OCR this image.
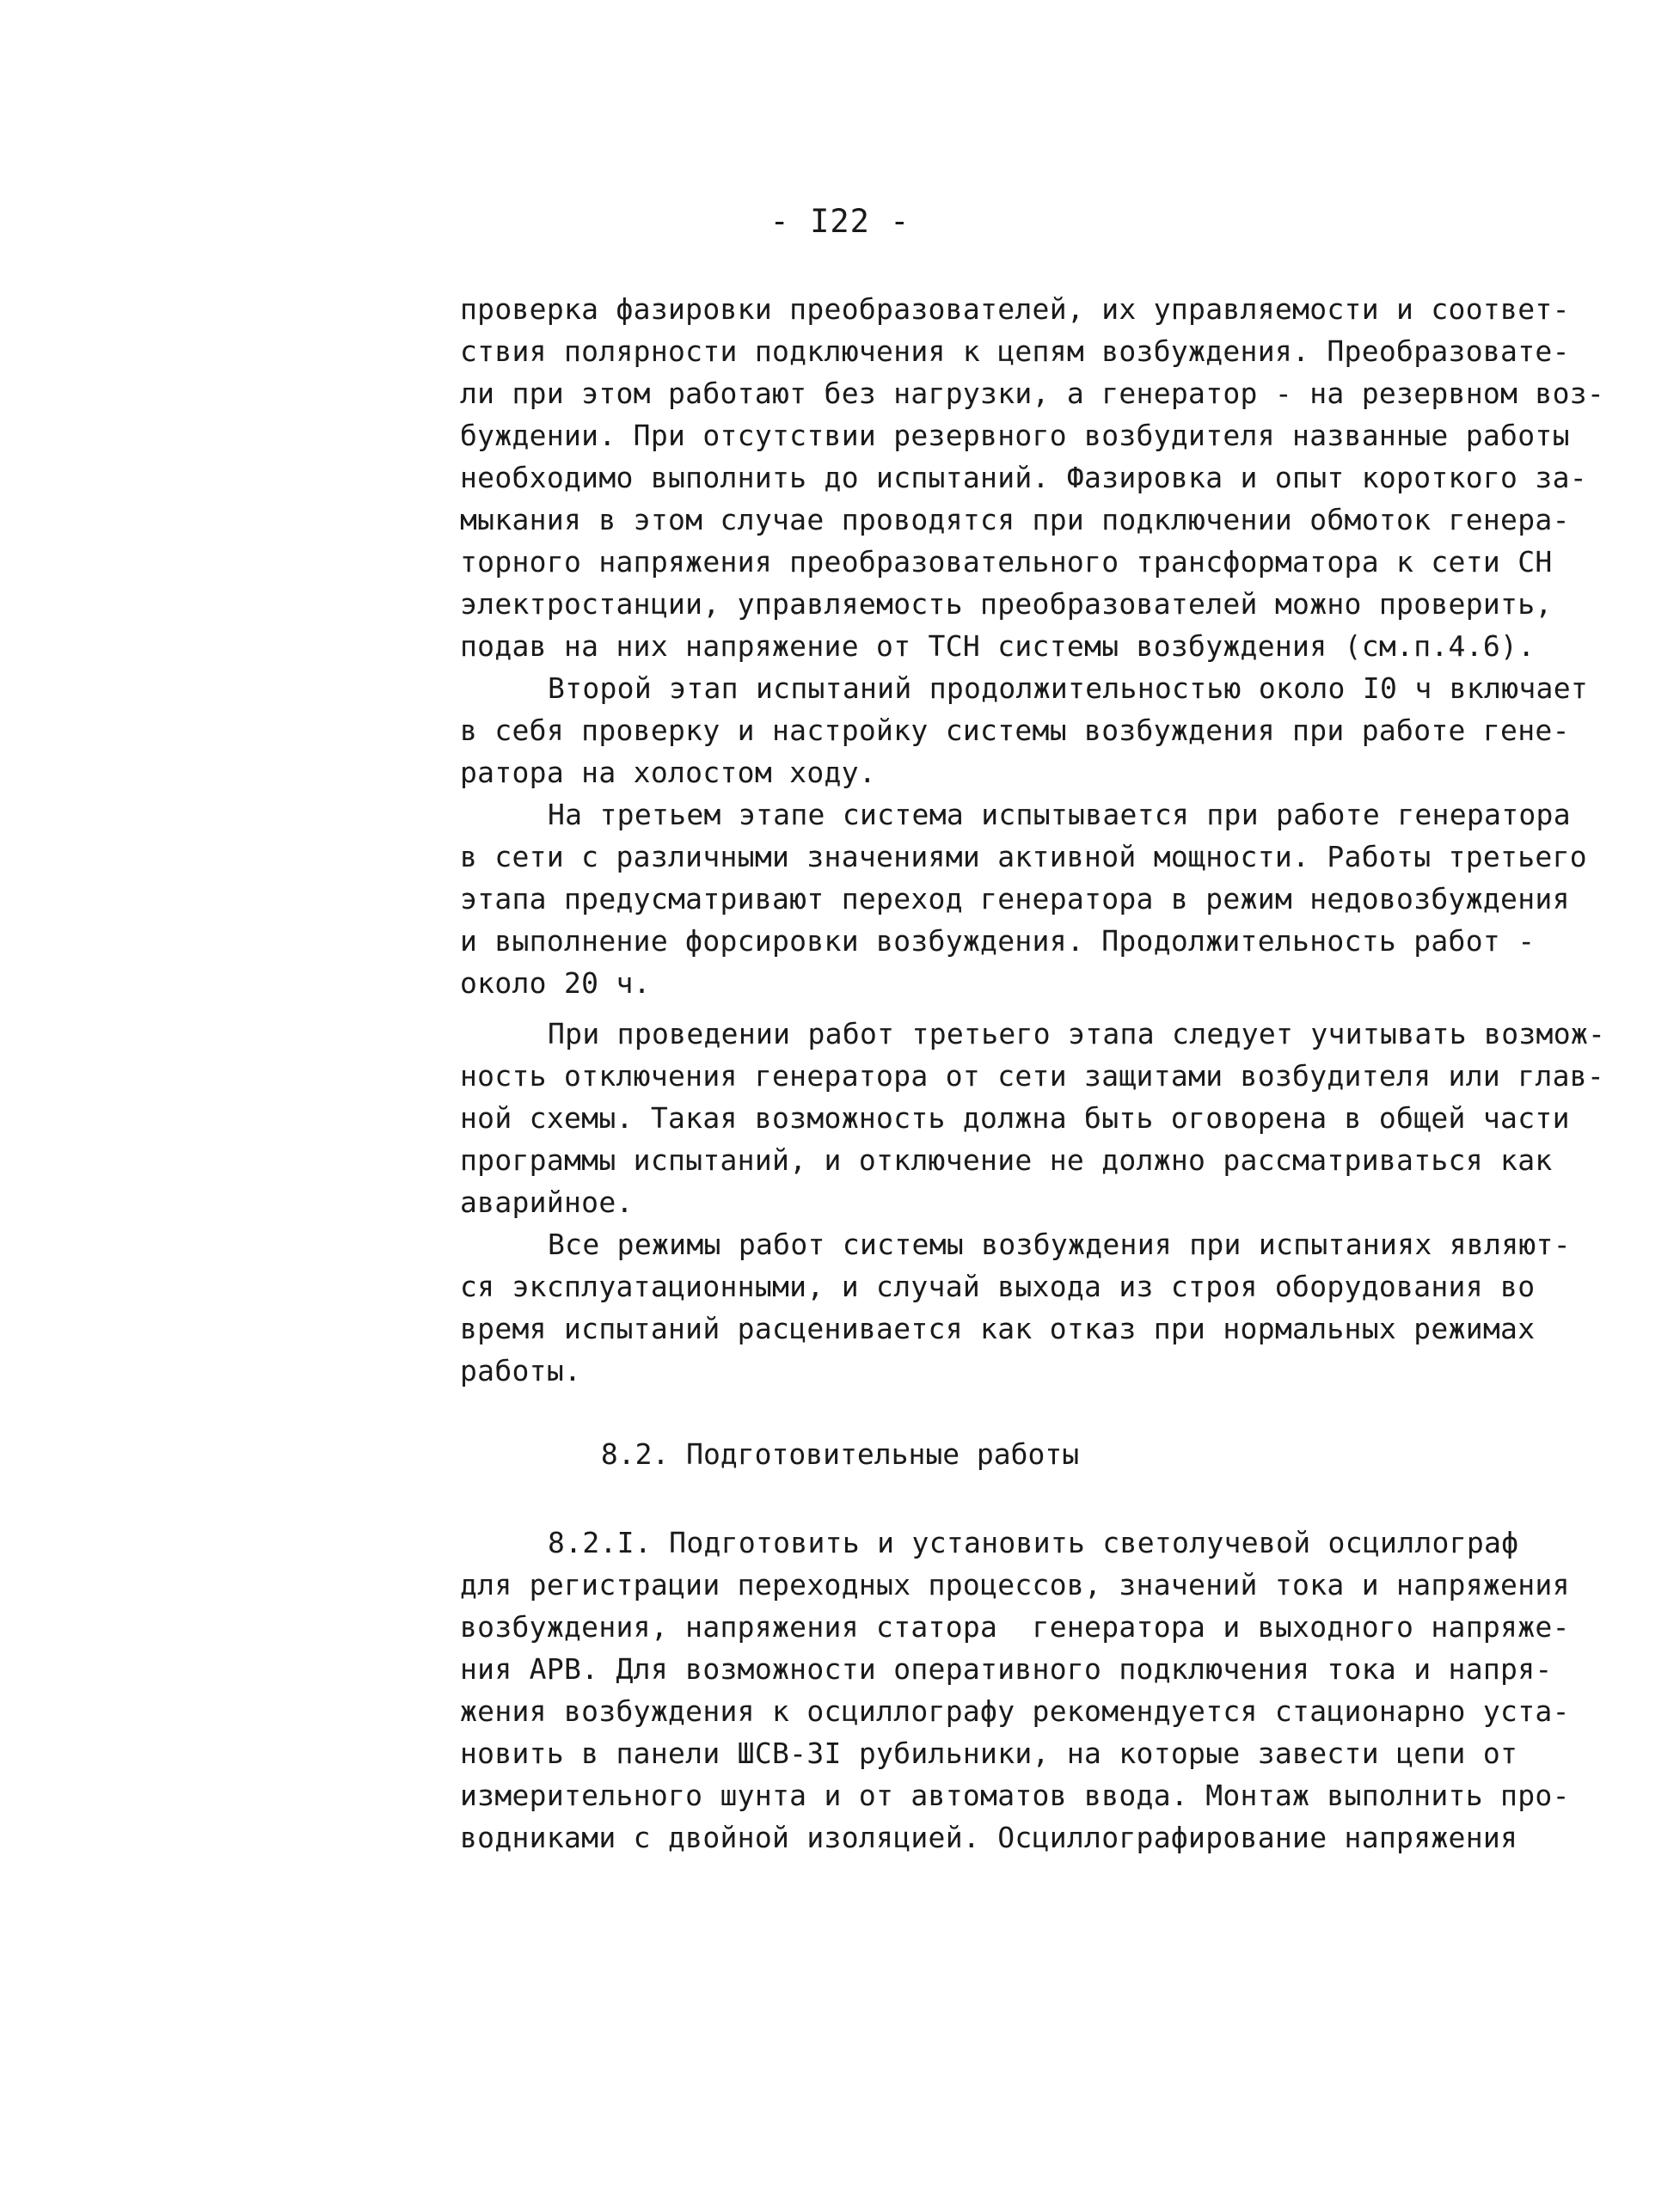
- I22 -
проверка фазировки преобразователей, их управляемости и соответ-
ствия полярности подключения к цепям возбуждения. Преобразовате-
ли при этом работают без нагрузки, а генератор - на резервном воз-
буждении. При отсутствии резервного возбудителя названные работы
необходимо выполнить до испытаний. Фазировка и опыт короткого за-
мыкания в этом случае проводятся при подключении обмоток генера-
торного напряжения преобразовательного трансформатора к сети СН
электростанции, управляемость преобразователей можно проверить,
подав на них напряжение от ТСН системы возбуждения (см.п.4.6).
Второй этап испытаний продолжительностью около I0 ч включает
в себя проверку и настройку системы возбуждения при работе гене-
ратора на холостом ходу.
На третьем этапе система испытывается при работе генератора
в сети с различными значениями активной мощности. Работы третьего
этапа предусматривают переход генератора в режим недовозбуждения
и выполнение форсировки возбуждения. Продолжительность работ -
около 20 ч.
При проведении работ третьего этапа следует учитывать возмож-
ность отключения генератора от сети защитами возбудителя или глав-
ной схемы. Такая возможность должна быть оговорена в общей части
программы испытаний, и отключение не должно рассматриваться как
аварийное.
Все режимы работ системы возбуждения при испытаниях являют-
ся эксплуатационными, и случай выхода из строя оборудования во
время испытаний расценивается как отказ при нормальных режимах
работы.
8.2. Подготовительные работы
8.2.I. Подготовить и установить светолучевой осциллограф
для регистрации переходных процессов, значений тока и напряжения
возбуждения, напряжения статора  генератора и выходного напряже-
ния АРВ. Для возможности оперативного подключения тока и напря-
жения возбуждения к осциллографу рекомендуется стационарно уста-
новить в панели ШСВ-3I рубильники, на которые завести цепи от
измерительного шунта и от автоматов ввода. Монтаж выполнить про-
водниками с двойной изоляцией. Осциллографирование напряжения
